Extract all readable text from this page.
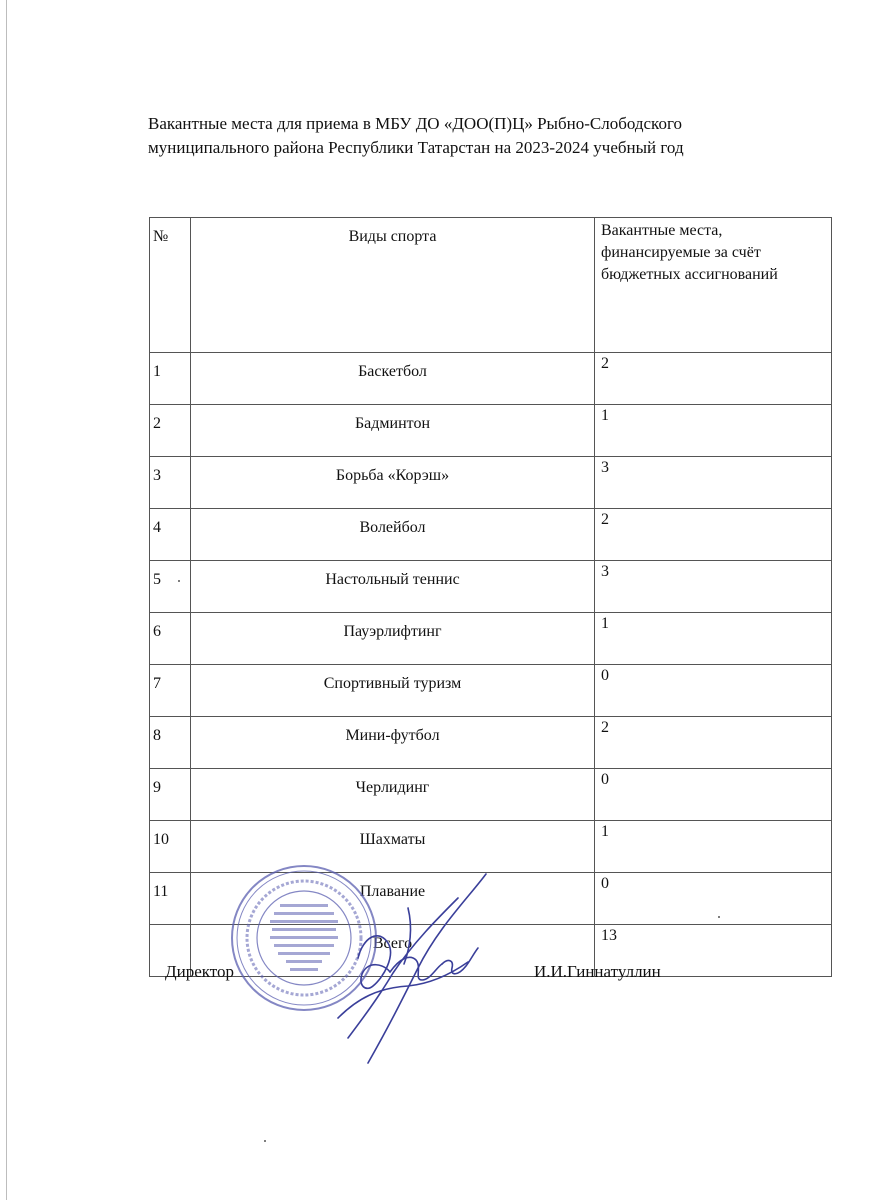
Вакантные места для приема в МБУ ДО «ДОО(П)Ц» Рыбно-Слободского
муниципального района Республики Татарстан на 2023-2024 учебный год
№	Виды спорта	Вакантные места, финансируемые за счёт бюджетных ассигнований
1	Баскетбол	2
2	Бадминтон	1
3	Борьба «Корэш»	3
4	Волейбол	2
5	Настольный теннис	3
6	Пауэрлифтинг	1
7	Спортивный туризм	0
8	Мини-футбол	2
9	Черлидинг	0
10	Шахматы	1
11	Плавание	0
	Всего	13
Директор	И.И.Гиннатуллин
